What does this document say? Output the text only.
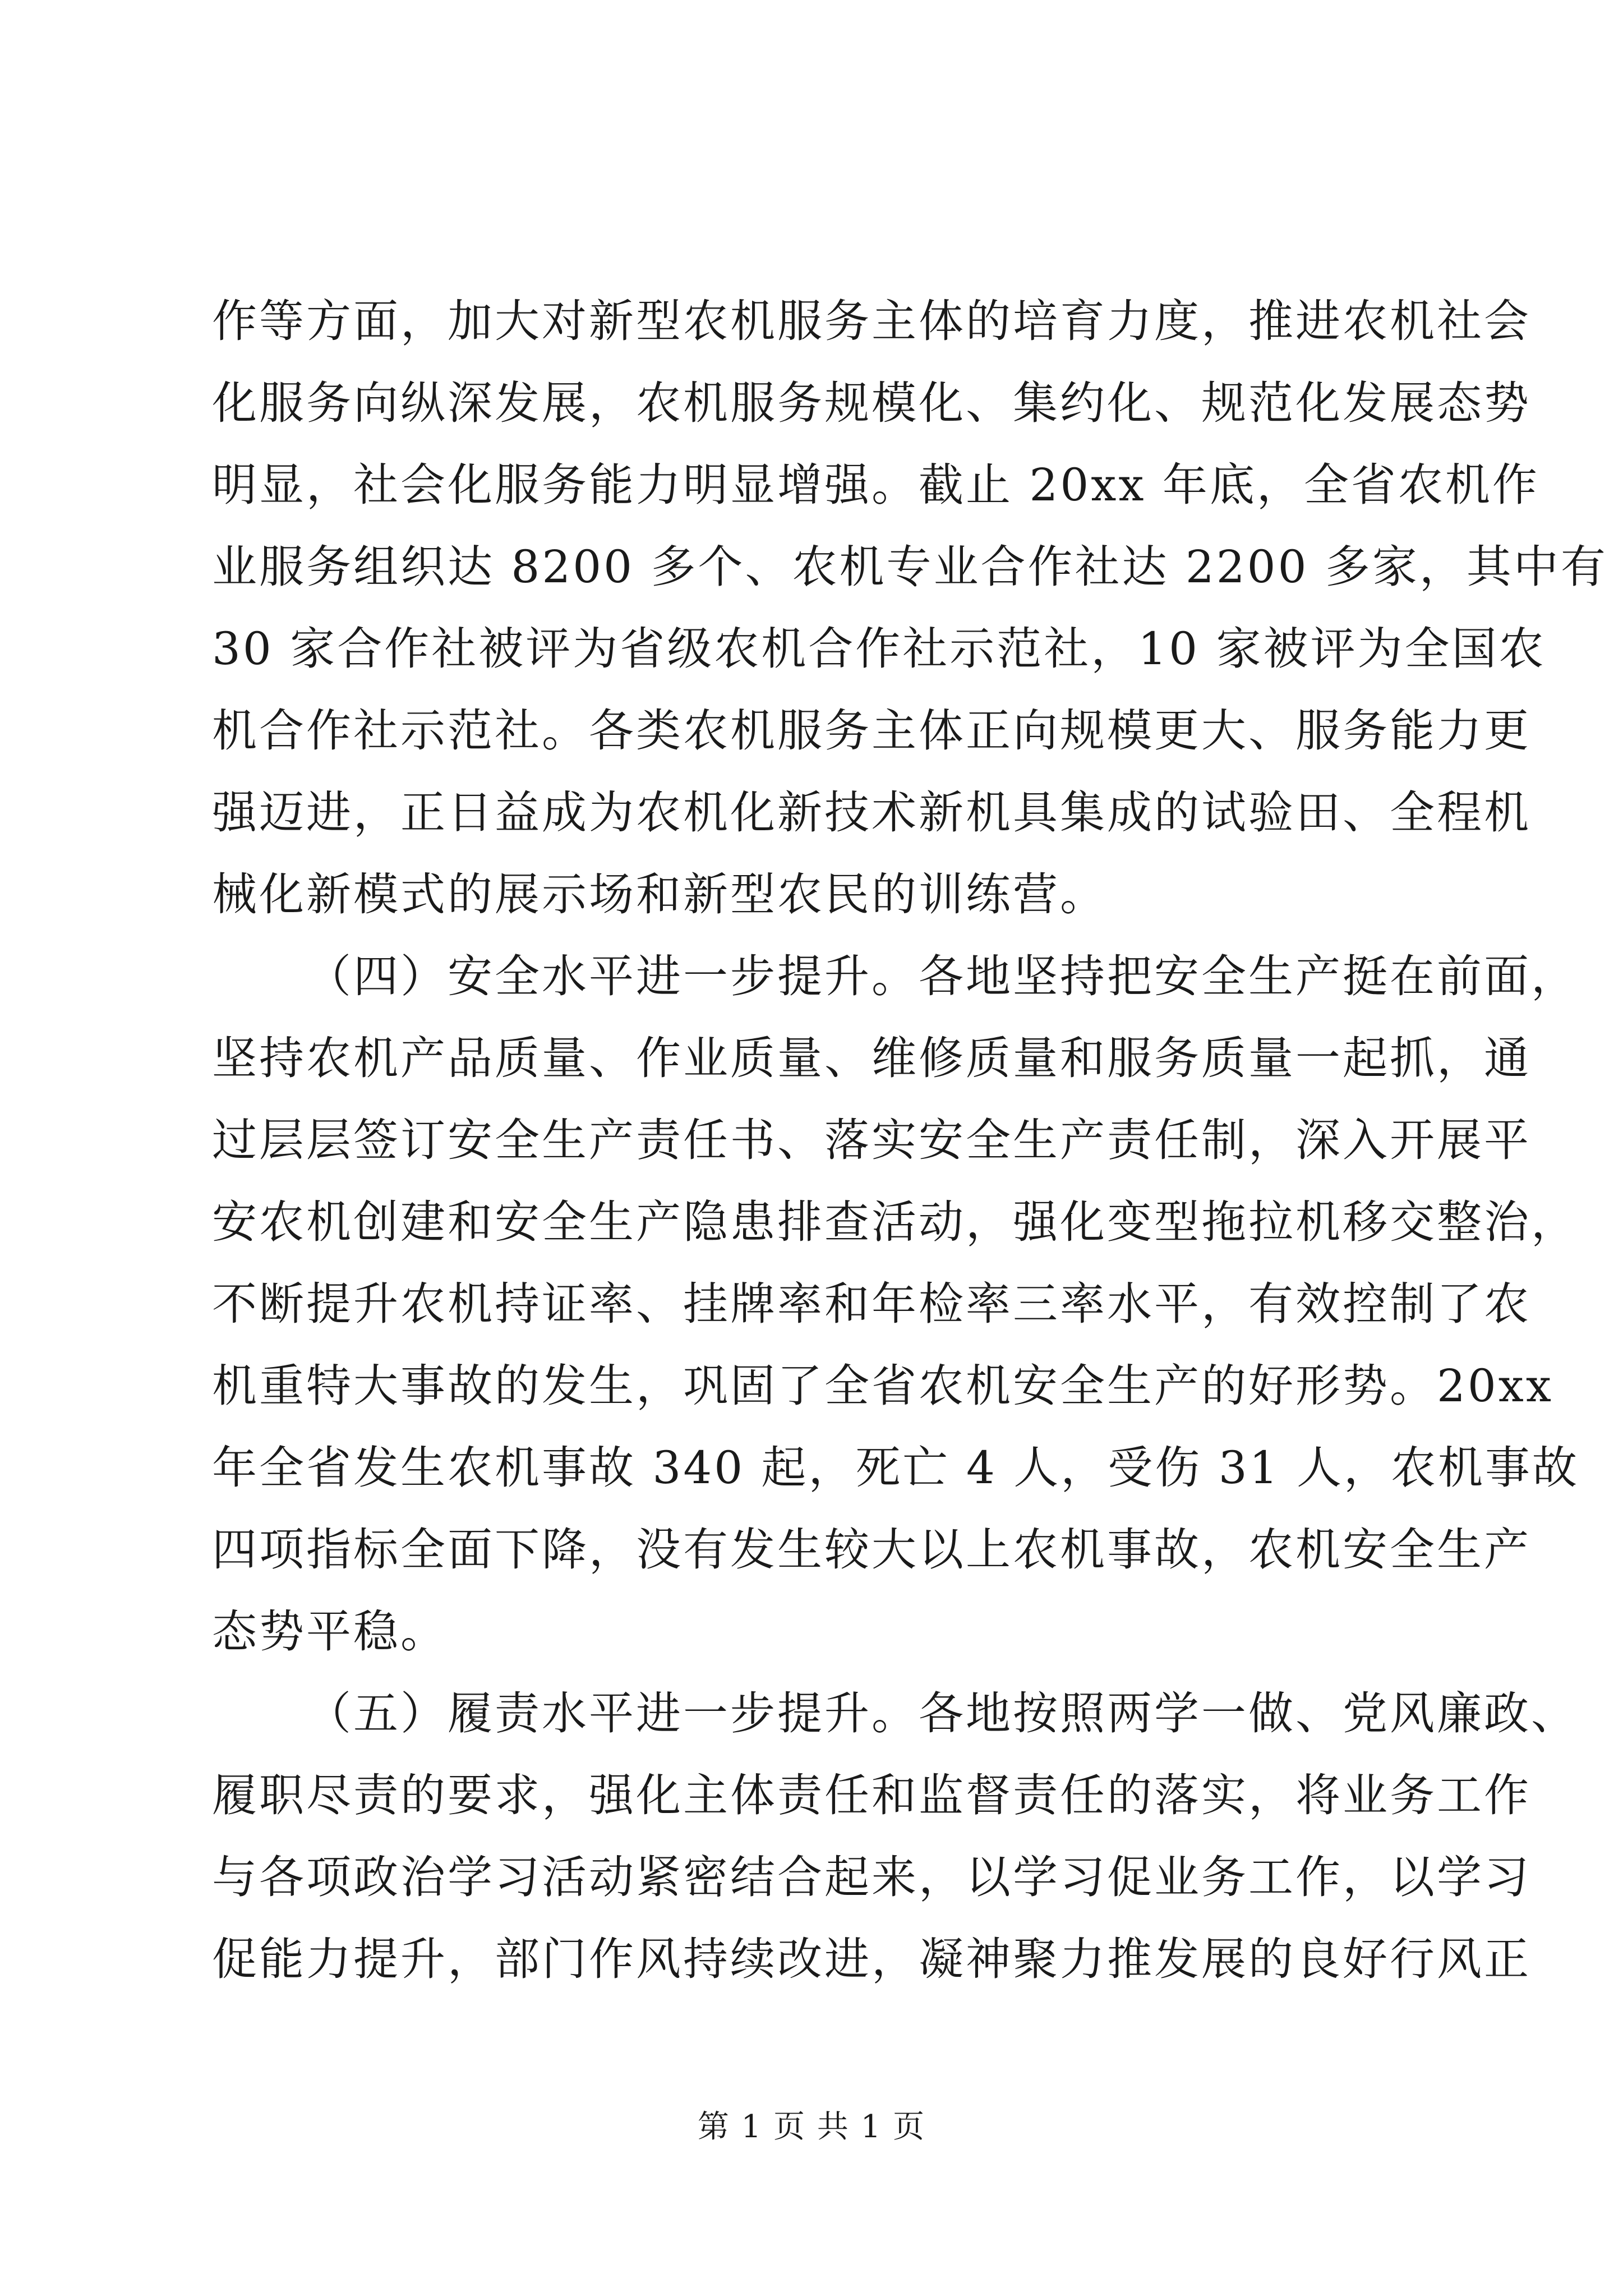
作等方面，加大对新型农机服务主体的培育力度，推进农机社会
化服务向纵深发展，农机服务规模化、集约化、规范化发展态势
明显，社会化服务能力明显增强。截止 20xx 年底，全省农机作
业服务组织达 8200 多个、农机专业合作社达 2200 多家，其中有
30 家合作社被评为省级农机合作社示范社，10 家被评为全国农
机合作社示范社。各类农机服务主体正向规模更大、服务能力更
强迈进，正日益成为农机化新技术新机具集成的试验田、全程机
械化新模式的展示场和新型农民的训练营。
（四）安全水平进一步提升。各地坚持把安全生产挺在前面，
坚持农机产品质量、作业质量、维修质量和服务质量一起抓，通
过层层签订安全生产责任书、落实安全生产责任制，深入开展平
安农机创建和安全生产隐患排查活动，强化变型拖拉机移交整治，
不断提升农机持证率、挂牌率和年检率三率水平，有效控制了农
机重特大事故的发生，巩固了全省农机安全生产的好形势。20xx
年全省发生农机事故 340 起，死亡 4 人，受伤 31 人，农机事故
四项指标全面下降，没有发生较大以上农机事故，农机安全生产
态势平稳。
（五）履责水平进一步提升。各地按照两学一做、党风廉政、
履职尽责的要求，强化主体责任和监督责任的落实，将业务工作
与各项政治学习活动紧密结合起来，以学习促业务工作，以学习
促能力提升，部门作风持续改进，凝神聚力推发展的良好行风正
第 1 页 共 1 页
